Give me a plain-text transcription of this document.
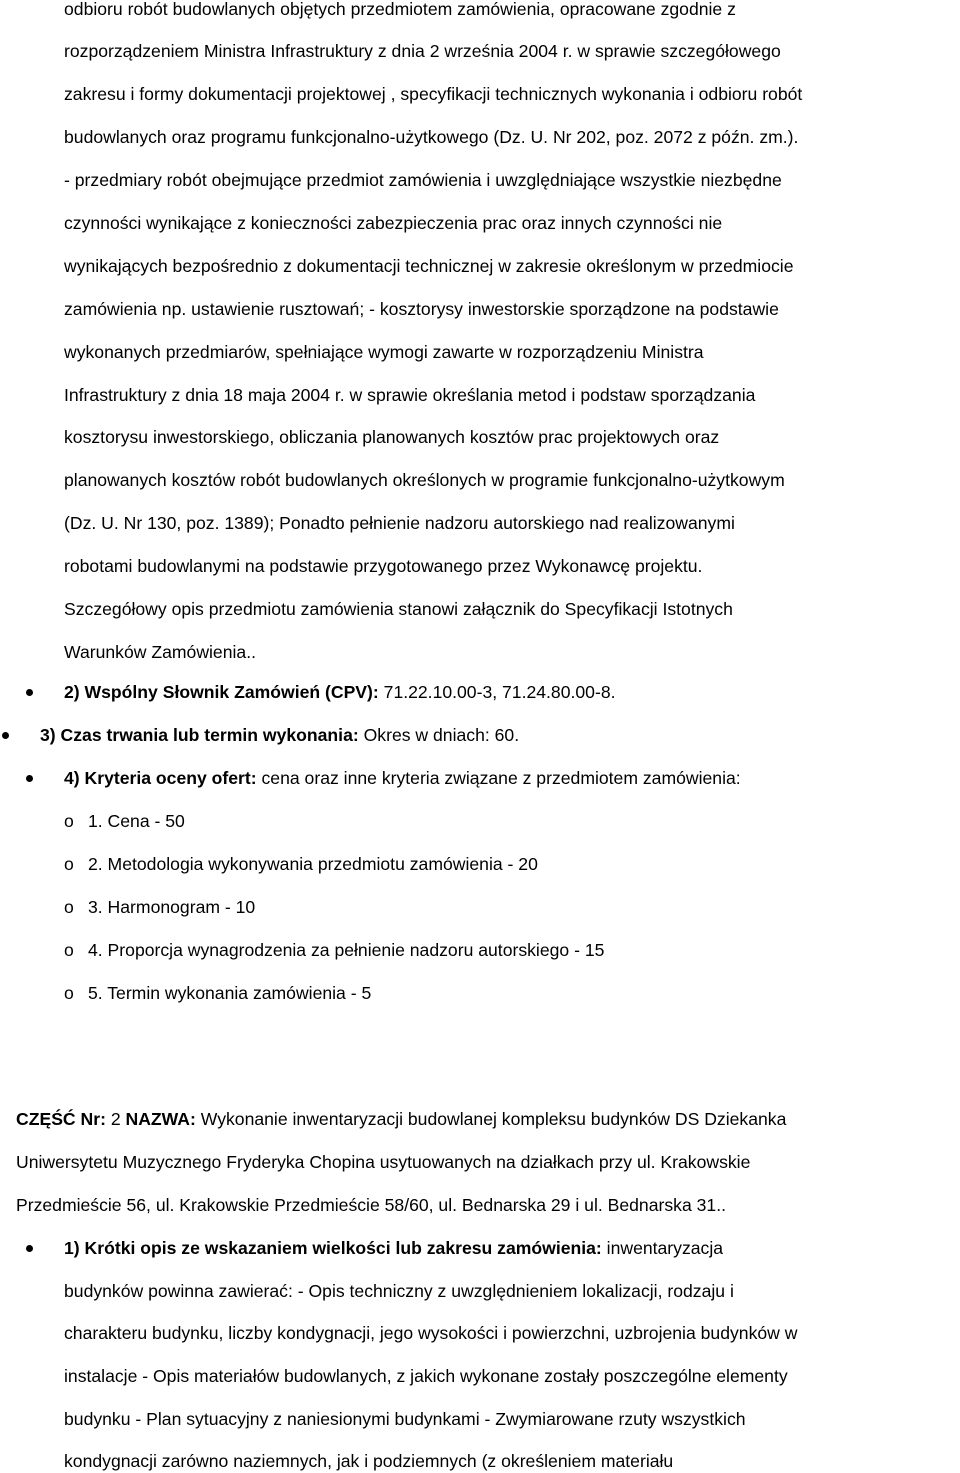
odbioru robót budowlanych objętych przedmiotem zamówienia, opracowane zgodnie z
rozporządzeniem Ministra Infrastruktury z dnia 2 września 2004 r. w sprawie szczegółowego
zakresu i formy dokumentacji projektowej , specyfikacji technicznych wykonania i odbioru robót
budowlanych oraz programu funkcjonalno-użytkowego (Dz. U. Nr 202, poz. 2072 z późn. zm.).
- przedmiary robót obejmujące przedmiot zamówienia i uwzględniające wszystkie niezbędne
czynności wynikające z konieczności zabezpieczenia prac oraz innych czynności nie
wynikających bezpośrednio z dokumentacji technicznej w zakresie określonym w przedmiocie
zamówienia np. ustawienie rusztowań; - kosztorysy inwestorskie sporządzone na podstawie
wykonanych przedmiarów, spełniające wymogi zawarte w rozporządzeniu Ministra
Infrastruktury z dnia 18 maja 2004 r. w sprawie określania metod i podstaw sporządzania
kosztorysu inwestorskiego, obliczania planowanych kosztów prac projektowych oraz
planowanych kosztów robót budowlanych określonych w programie funkcjonalno-użytkowym
(Dz. U. Nr 130, poz. 1389); Ponadto pełnienie nadzoru autorskiego nad realizowanymi
robotami budowlanymi na podstawie przygotowanego przez Wykonawcę projektu.
Szczegółowy opis przedmiotu zamówienia stanowi załącznik do Specyfikacji Istotnych
Warunków Zamówienia..
2) Wspólny Słownik Zamówień (CPV): 71.22.10.00-3, 71.24.80.00-8.
3) Czas trwania lub termin wykonania: Okres w dniach: 60.
4) Kryteria oceny ofert: cena oraz inne kryteria związane z przedmiotem zamówienia:
o 1. Cena - 50
o 2. Metodologia wykonywania przedmiotu zamówienia - 20
o 3. Harmonogram - 10
o 4. Proporcja wynagrodzenia za pełnienie nadzoru autorskiego - 15
o 5. Termin wykonania zamówienia - 5
CZĘŚĆ Nr: 2 NAZWA: Wykonanie inwentaryzacji budowlanej kompleksu budynków DS Dziekanka
Uniwersytetu Muzycznego Fryderyka Chopina usytuowanych na działkach przy ul. Krakowskie
Przedmieście 56, ul. Krakowskie Przedmieście 58/60, ul. Bednarska 29 i ul. Bednarska 31..
1) Krótki opis ze wskazaniem wielkości lub zakresu zamówienia: inwentaryzacja
budynków powinna zawierać: - Opis techniczny z uwzględnieniem lokalizacji, rodzaju i
charakteru budynku, liczby kondygnacji, jego wysokości i powierzchni, uzbrojenia budynków w
instalacje - Opis materiałów budowlanych, z jakich wykonane zostały poszczególne elementy
budynku - Plan sytuacyjny z naniesionymi budynkami - Zwymiarowane rzuty wszystkich
kondygnacji zarówno naziemnych, jak i podziemnych (z określeniem materiału
